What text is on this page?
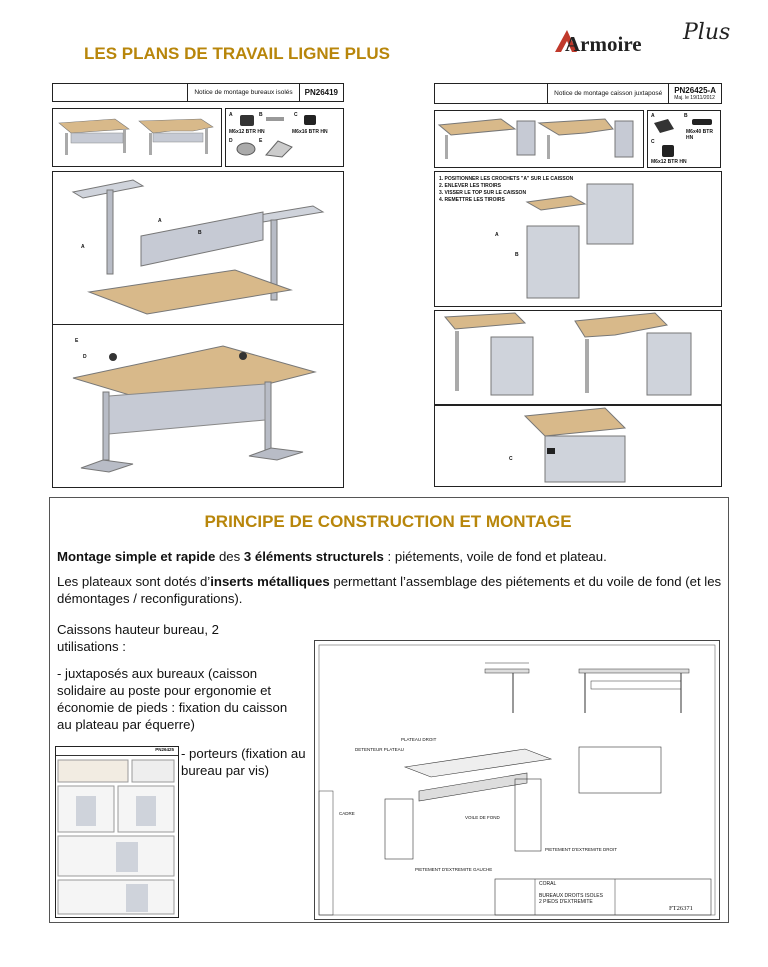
LES PLANS DE TRAVAIL LIGNE PLUS	Armoire Plus
Notice de montage bureaux isolés	PN26419
A
M6x12 BTR HN
B	C
M6x16 BTR HN
D	E
A
B
A
E
D
Notice de montage caisson juxtaposé	PN26425-A
Maj. le 19/11/2012
A	B
M6x40 BTR HN
C
M6x12 BTR HN
1. POSITIONNER LES CROCHETS "A" SUR LE CAISSON
2. ENLEVER LES TIROIRS
3. VISSER LE TOP SUR LE CAISSON
4. REMETTRE LES TIROIRS
A
B
C
PRINCIPE DE CONSTRUCTION ET MONTAGE
Montage simple et rapide des 3 éléments structurels : piétements, voile de fond et plateau.
Les plateaux sont dotés d’inserts métalliques permettant l’assemblage des piétements et du voile de fond (et les démontages / reconfigurations).
Caissons hauteur bureau, 2 utilisations :
- juxtaposés aux bureaux (caisson solidaire au poste pour ergonomie et économie de pieds : fixation du caisson au plateau par équerre)
PN26425 - porteurs (fixation au bureau par vis)
PLATEAU DROIT
DETENTEUR PLATEAU
VOILE DE FOND
CADRE
PIETEMENT D'EXTREMITE DROIT
PIETEMENT D'EXTREMITE GAUCHE
CORAL
BUREAUX DROITS ISOLES
2 PIEDS D'EXTREMITE
FT26371
